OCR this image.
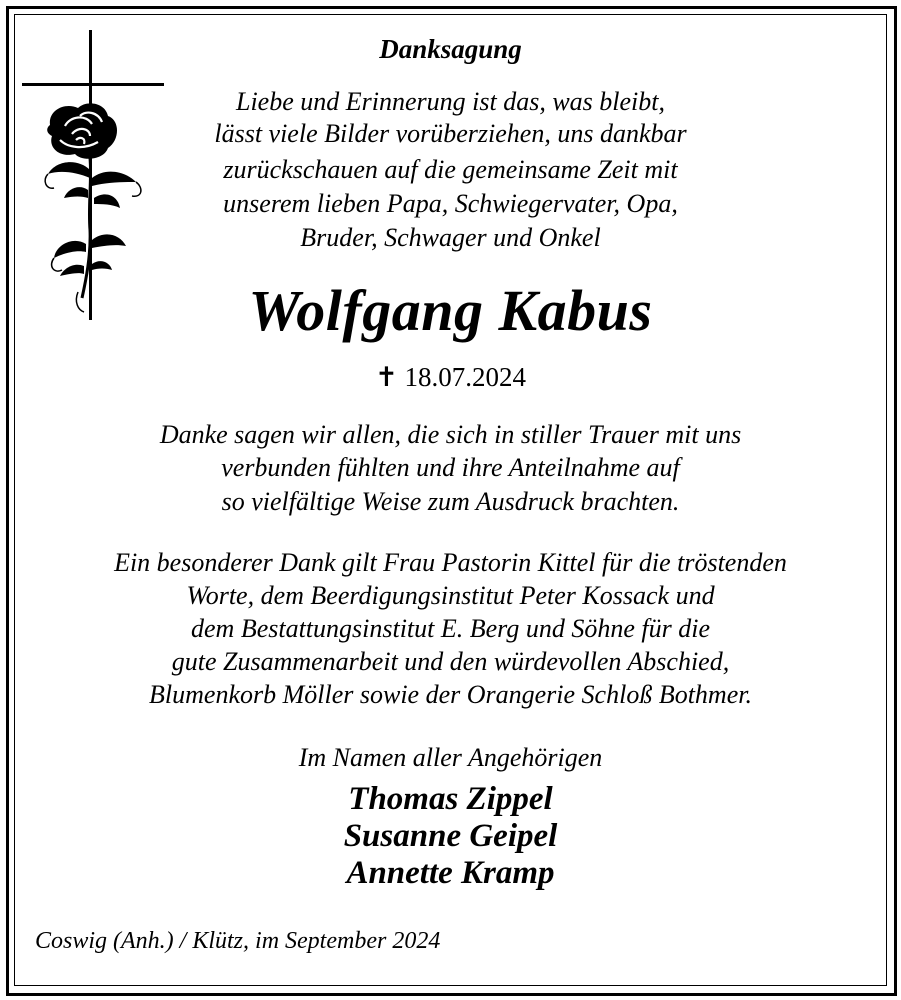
Danksagung
Liebe und Erinnerung ist das, was bleibt,
lässt viele Bilder vorüberziehen, uns dankbar
zurückschauen auf die gemeinsame Zeit mit
unserem lieben Papa, Schwiegervater, Opa,
Bruder, Schwager und Onkel
Wolfgang Kabus
✝ 18.07.2024
Danke sagen wir allen, die sich in stiller Trauer mit uns
verbunden fühlten und ihre Anteilnahme auf
so vielfältige Weise zum Ausdruck brachten.
Ein besonderer Dank gilt Frau Pastorin Kittel für die tröstenden
Worte, dem Beerdigungsinstitut Peter Kossack und
dem Bestattungsinstitut E. Berg und Söhne für die
gute Zusammenarbeit und den würdevollen Abschied,
Blumenkorb Möller sowie der Orangerie Schloß Bothmer.
Im Namen aller Angehörigen
Thomas Zippel
Susanne Geipel
Annette Kramp
Coswig (Anh.) / Klütz, im September 2024
